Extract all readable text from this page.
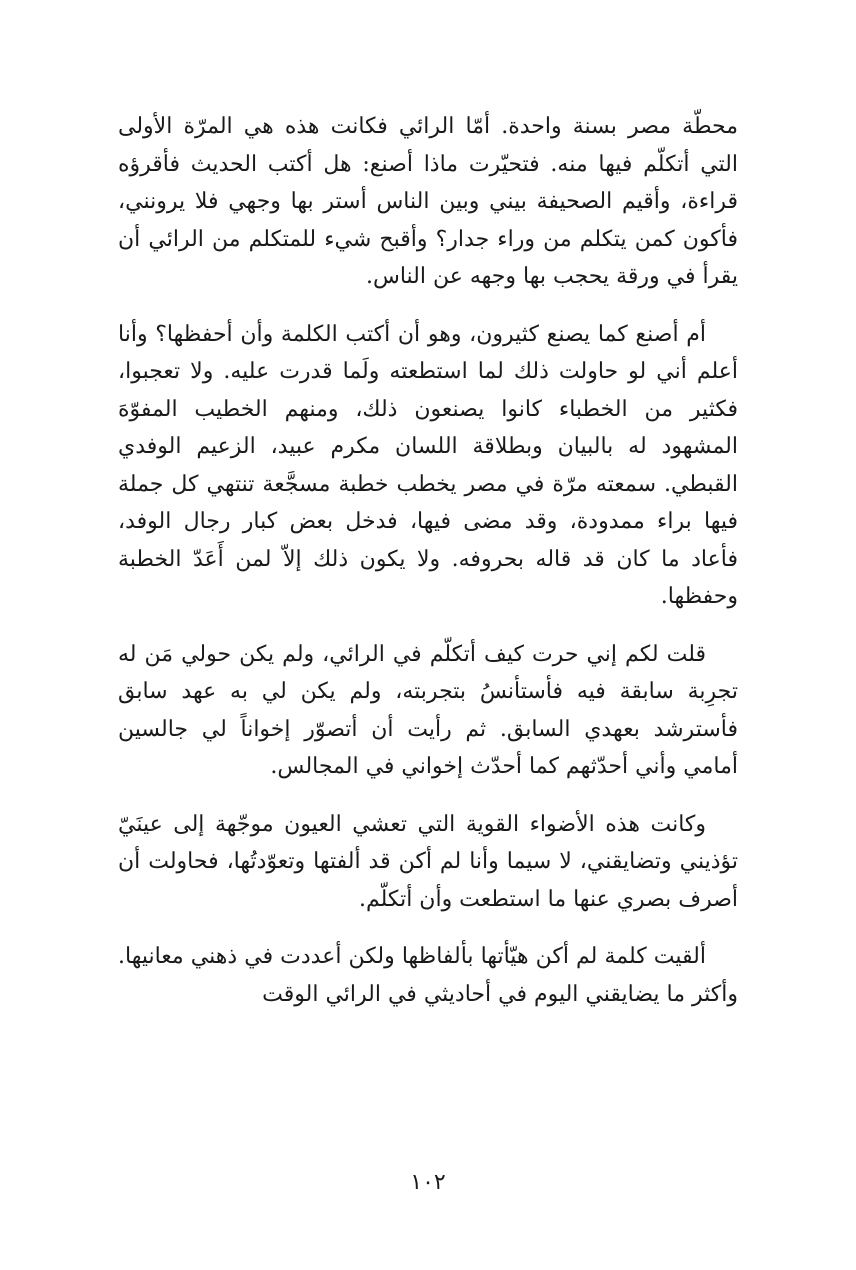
محطّة مصر بسنة واحدة. أمّا الرائي فكانت هذه هي المرّة الأولى التي أتكلّم فيها منه. فتحيّرت ماذا أصنع: هل أكتب الحديث فأقرؤه قراءة، وأقيم الصحيفة بيني وبين الناس أستر بها وجهي فلا يرونني، فأكون كمن يتكلم من وراء جدار؟ وأقبح شيء للمتكلم من الرائي أن يقرأ في ورقة يحجب بها وجهه عن الناس.

أم أصنع كما يصنع كثيرون، وهو أن أكتب الكلمة وأن أحفظها؟ وأنا أعلم أني لو حاولت ذلك لما استطعته ولَما قدرت عليه. ولا تعجبوا، فكثير من الخطباء كانوا يصنعون ذلك، ومنهم الخطيب المفوّهَ المشهود له بالبيان وبطلاقة اللسان مكرم عبيد، الزعيم الوفدي القبطي. سمعته مرّة في مصر يخطب خطبة مسجَّعة تنتهي كل جملة فيها براء ممدودة، وقد مضى فيها، فدخل بعض كبار رجال الوفد، فأعاد ما كان قد قاله بحروفه. ولا يكون ذلك إلاّ لمن أَعَدّ الخطبة وحفظها.

قلت لكم إني حرت كيف أتكلّم في الرائي، ولم يكن حولي مَن له تجرِبة سابقة فيه فأستأنسُ بتجربته، ولم يكن لي به عهد سابق فأسترشد بعهدي السابق. ثم رأيت أن أتصوّر إخواناً لي جالسين أمامي وأني أحدّثهم كما أحدّث إخواني في المجالس.

وكانت هذه الأضواء القوية التي تعشي العيون موجّهة إلى عينَيّ تؤذيني وتضايقني، لا سيما وأنا لم أكن قد ألفتها وتعوّدتُها، فحاولت أن أصرف بصري عنها ما استطعت وأن أتكلّم.

ألقيت كلمة لم أكن هيّأتها بألفاظها ولكن أعددت في ذهني معانيها. وأكثر ما يضايقني اليوم في أحاديثي في الرائي الوقت

١٠٢
